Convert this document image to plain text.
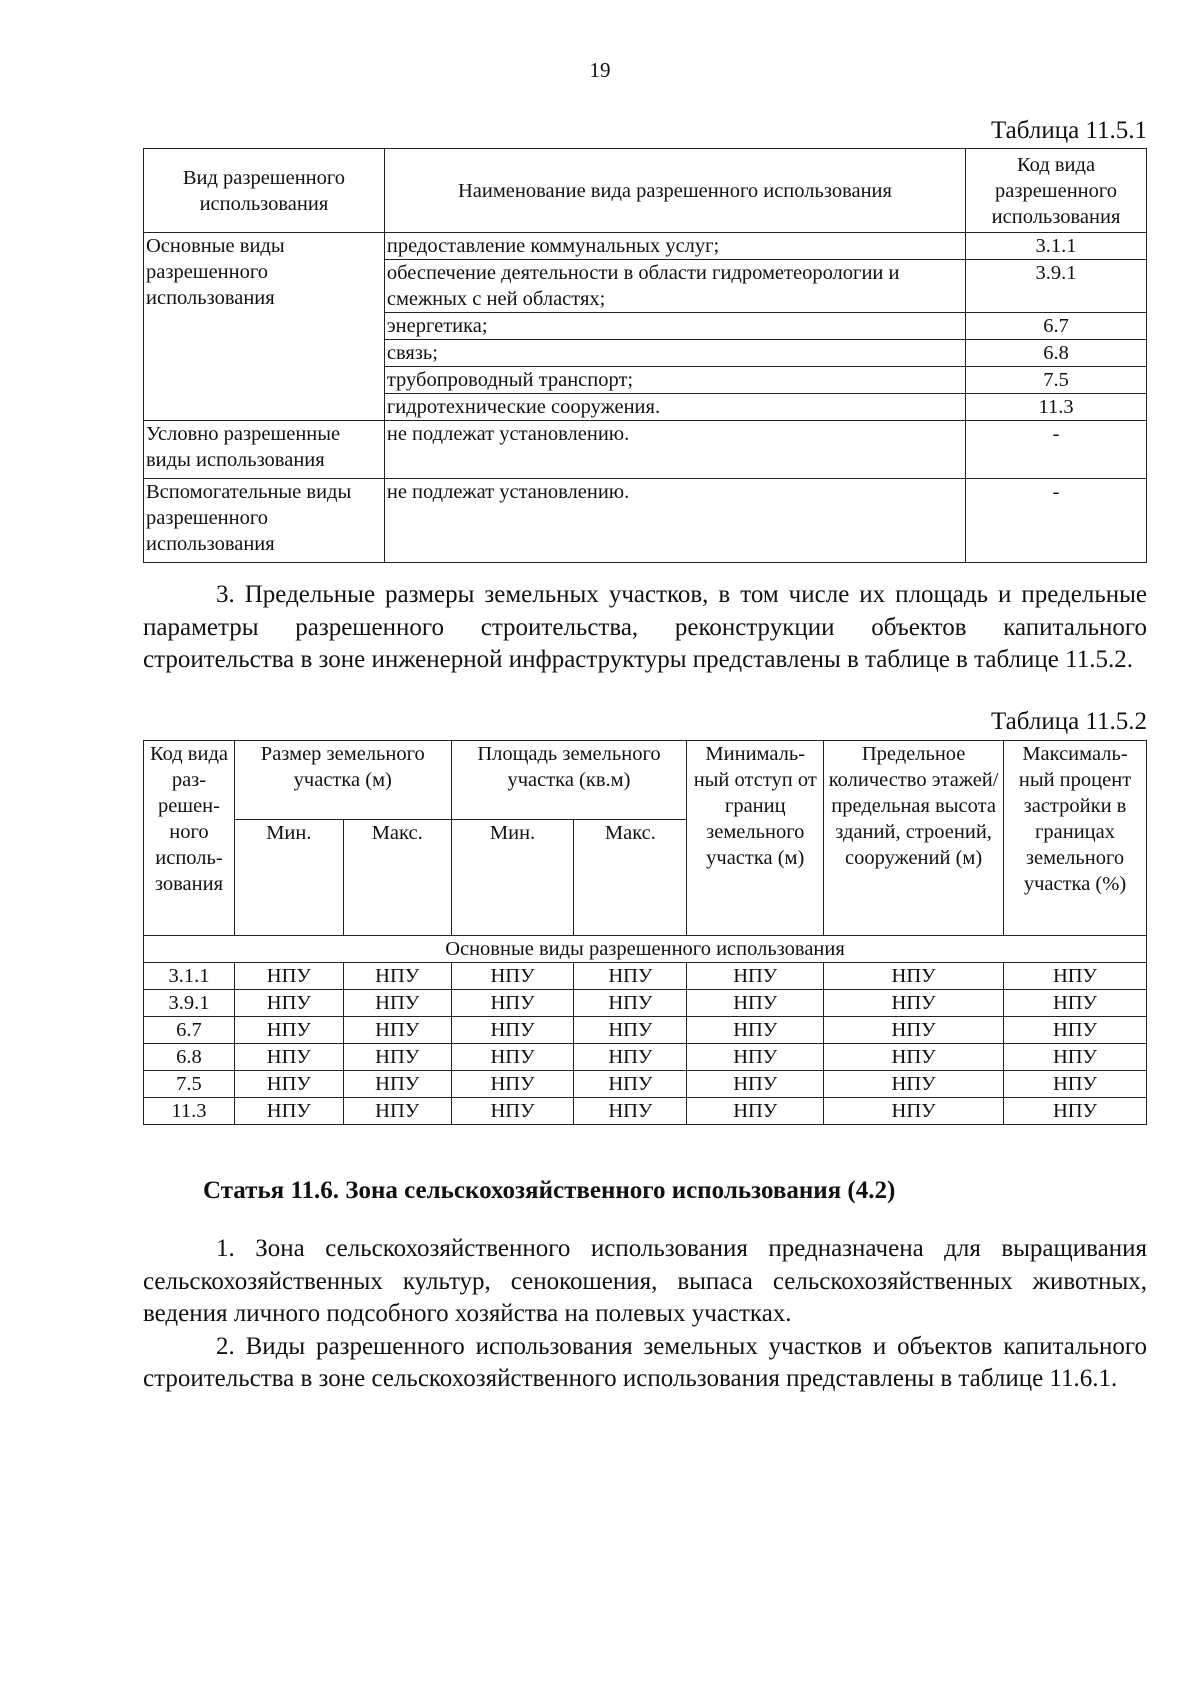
19
Таблица 11.5.1
Вид разрешенного использования	Наименование вида разрешенного использования	Код вида разрешенного использования
Основные виды разрешенного использования	предоставление коммунальных услуг;	3.1.1
	обеспечение деятельности в области гидрометеорологии и смежных с ней областях;	3.9.1
	энергетика;	6.7
	связь;	6.8
	трубопроводный транспорт;	7.5
	гидротехнические сооружения.	11.3
Условно разрешенные виды использования	не подлежат установлению.	-
Вспомогательные виды разрешенного использования	не подлежат установлению.	-

3. Предельные размеры земельных участков, в том числе их площадь и предельные параметры разрешенного строительства, реконструкции объектов капитального строительства в зоне инженерной инфраструктуры представлены в таблице в таблице 11.5.2.

Таблица 11.5.2
Код вида раз-решен-ного исполь-зования	Размер земельного участка (м)		Площадь земельного участка (кв.м)		Минималь-ный отступ от границ земельного участка (м)	Предельное количество этажей/ предельная высота зданий, строений, сооружений (м)	Максималь-ный процент застройки в границах земельного участка (%)
	Мин.	Макс.	Мин.	Макс.			
Основные виды разрешенного использования							
3.1.1	НПУ	НПУ	НПУ	НПУ	НПУ	НПУ	НПУ
3.9.1	НПУ	НПУ	НПУ	НПУ	НПУ	НПУ	НПУ
6.7	НПУ	НПУ	НПУ	НПУ	НПУ	НПУ	НПУ
6.8	НПУ	НПУ	НПУ	НПУ	НПУ	НПУ	НПУ
7.5	НПУ	НПУ	НПУ	НПУ	НПУ	НПУ	НПУ
11.3	НПУ	НПУ	НПУ	НПУ	НПУ	НПУ	НПУ
Статья 11.6. Зона сельскохозяйственного использования (4.2)

1. Зона сельскохозяйственного использования предназначена для выращивания сельскохозяйственных культур, сенокошения, выпаса сельскохозяйственных животных, ведения личного подсобного хозяйства на полевых участках.

2. Виды разрешенного использования земельных участков и объектов капитального строительства в зоне сельскохозяйственного использования представлены в таблице 11.6.1.
